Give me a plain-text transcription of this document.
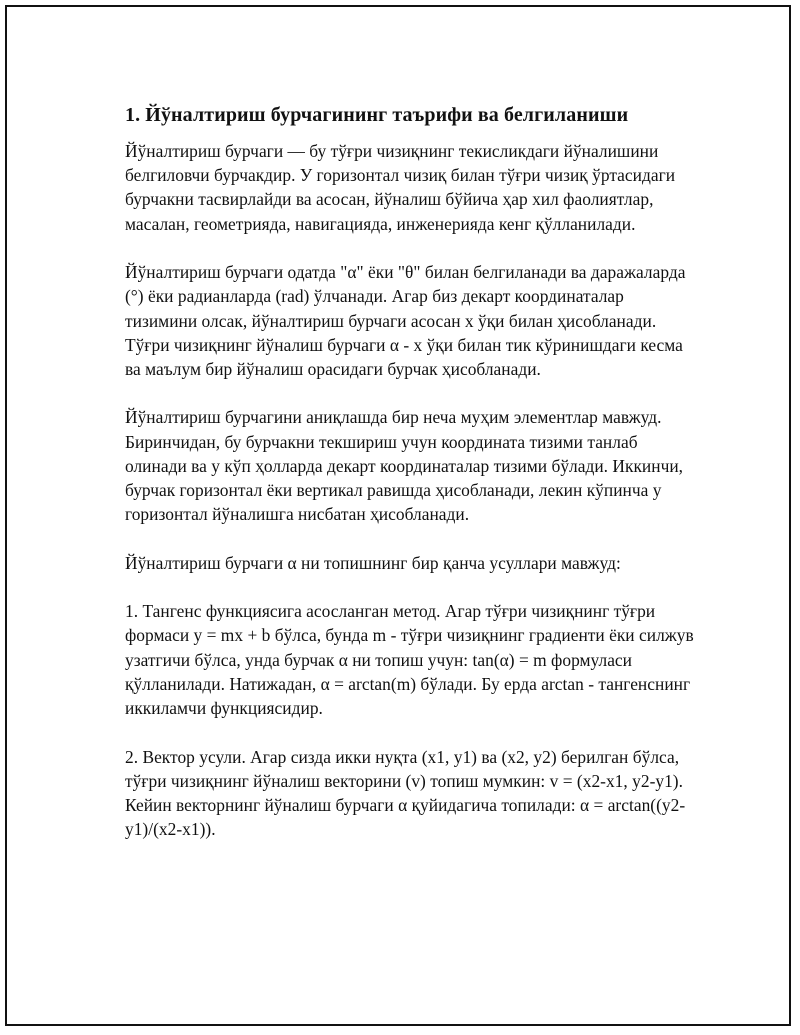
1. Йўналтириш бурчагининг таърифи ва белгиланиши

Йўналтириш бурчаги — бу тўғри чизиқнинг текисликдаги йўналишини белгиловчи бурчакдир. У горизонтал чизиқ билан тўғри чизиқ ўртасидаги бурчакни тасвирлайди ва асосан, йўналиш бўйича ҳар хил фаолиятлар, масалан, геометрияда, навигацияда, инженерияда кенг қўлланилади.

Йўналтириш бурчаги одатда "α" ёки "θ" билан белгиланади ва даражаларда (°) ёки радианларда (rad) ўлчанади. Агар биз декарт координаталар тизимини олсак, йўналтириш бурчаги асосан x ўқи билан ҳисобланади. Тўғри чизиқнинг йўналиш бурчаги α - x ўқи билан тик кўринишдаги кесма ва маълум бир йўналиш орасидаги бурчак ҳисобланади.

Йўналтириш бурчагини аниқлашда бир неча муҳим элементлар мавжуд. Биринчидан, бу бурчакни текшириш учун координата тизими танлаб олинади ва у кўп ҳолларда декарт координаталар тизими бўлади. Иккинчи, бурчак горизонтал ёки вертикал равишда ҳисобланади, лекин кўпинча у горизонтал йўналишга нисбатан ҳисобланади.

Йўналтириш бурчаги α ни топишнинг бир қанча усуллари мавжуд:

1. Тангенс функциясига асосланган метод. Агар тўғри чизиқнинг тўғри формаси y = mx + b бўлса, бунда m - тўғри чизиқнинг градиенти ёки силжув узатгичи бўлса, унда бурчак α ни топиш учун: tan(α) = m формуласи қўлланилади. Натижадан, α = arctan(m) бўлади. Бу ерда arctan - тангенснинг иккиламчи функциясидир.

2. Вектор усули. Агар сизда икки нуқта (x1, y1) ва (x2, y2) берилган бўлса, тўғри чизиқнинг йўналиш векторини (v) топиш мумкин: v = (x2-x1, y2-y1). Кейин векторнинг йўналиш бурчаги α қуйидагича топилади: α = arctan((y2-y1)/(x2-x1)).
